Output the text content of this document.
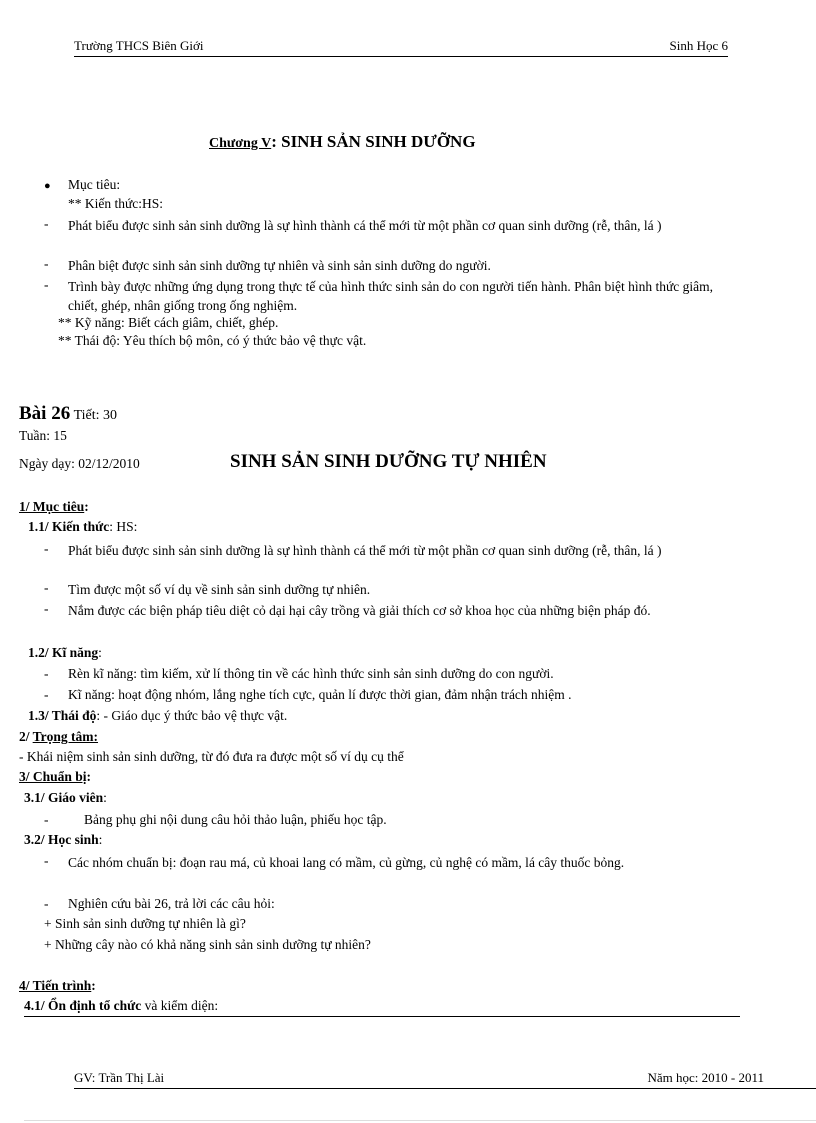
Trường THCS Biên Giới	Sinh Học 6
Chương V: SINH SẢN SINH DƯỠNG
● Mục tiêu:
** Kiến thức:HS:
- Phát biểu được sinh sản sinh dưỡng là sự hình thành cá thể mới từ một phần cơ quan sinh dưỡng (rễ, thân, lá )
- Phân biệt được sinh sản sinh dưỡng tự nhiên và sinh sản sinh dưỡng do người.
- Trình bày được những ứng dụng trong thực tế của hình thức sinh sản do con người tiến hành. Phân biệt hình thức giâm, chiết, ghép, nhân giống trong ống nghiệm.
** Kỹ năng: Biết cách giâm, chiết, ghép.
** Thái độ: Yêu thích bộ môn, có ý thức bảo vệ thực vật.
Bài 26 Tiết: 30
Tuần: 15
Ngày dạy: 02/12/2010	SINH SẢN SINH DƯỠNG TỰ NHIÊN
1/ Mục tiêu:
1.1/ Kiến thức: HS:
- Phát biểu được sinh sản sinh dưỡng là sự hình thành cá thể mới từ một phần cơ quan sinh dưỡng (rễ, thân, lá )
- Tìm được một số ví dụ về sinh sản sinh dưỡng tự nhiên.
- Nắm được các biện pháp tiêu diệt cỏ dại hại cây trồng và giải thích cơ sở khoa học của những biện pháp đó.
1.2/ Kĩ năng:
- Rèn kĩ năng: tìm kiếm, xử lí thông tin về các hình thức sinh sản sinh dưỡng do con người.
- Kĩ năng: hoạt động nhóm, lắng nghe tích cực, quản lí được thời gian, đảm nhận trách nhiệm .
1.3/ Thái độ: - Giáo dục ý thức bảo vệ thực vật.
2/ Trọng tâm:
- Khái niệm sinh sản sinh dưỡng, từ đó đưa ra được một số ví dụ cụ thể
3/ Chuẩn bị:
3.1/ Giáo viên:
-	Bảng phụ ghi nội dung câu hỏi thảo luận, phiếu học tập.
3.2/ Học sinh:
- Các nhóm chuẩn bị: đoạn rau má, củ khoai lang có mầm, củ gừng, củ nghệ có mầm, lá cây thuốc bỏng.
- Nghiên cứu bài 26, trả lời các câu hỏi:
+ Sinh sản sinh dưỡng tự nhiên là gì?
+ Những cây nào có khả năng sinh sản sinh dưỡng tự nhiên?
4/ Tiến trình:
4.1/ Ổn định tổ chức và kiểm diện:
GV: Trần Thị Lài	Năm học: 2010 - 2011
